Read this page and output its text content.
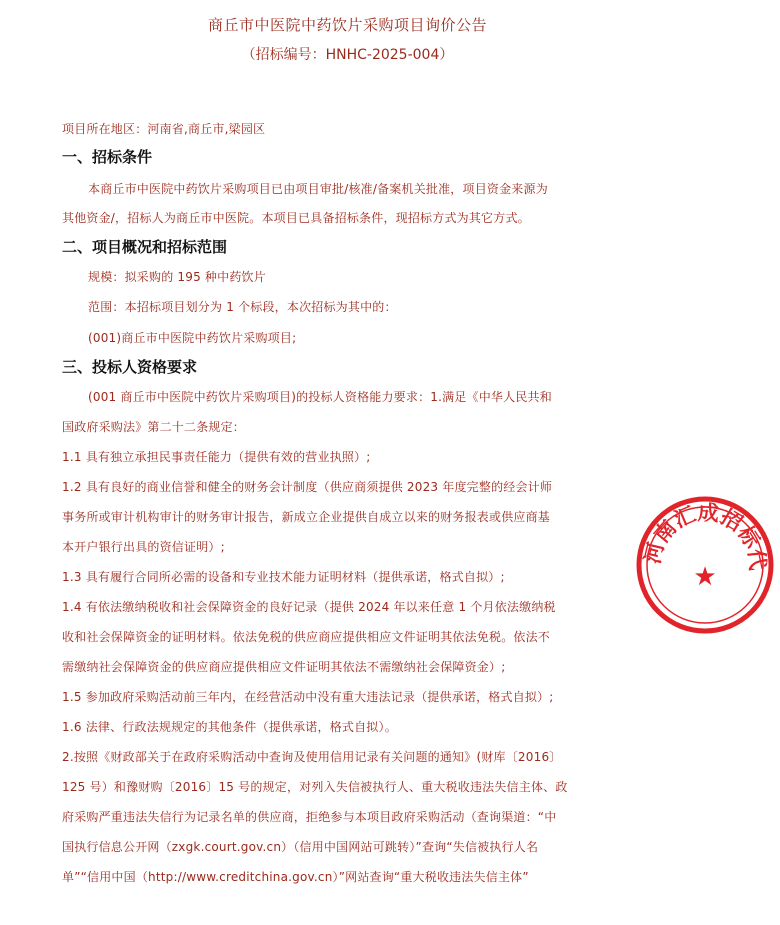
商丘市中医院中药饮片采购项目询价公告
（招标编号：HNHC-2025-004）
项目所在地区：河南省,商丘市,梁园区
一、招标条件
本商丘市中医院中药饮片采购项目已由项目审批/核准/备案机关批准，项目资金来源为
其他资金/，招标人为商丘市中医院。本项目已具备招标条件，现招标方式为其它方式。
二、项目概况和招标范围
规模：拟采购的 195 种中药饮片
范围：本招标项目划分为 1 个标段，本次招标为其中的：
(001)商丘市中医院中药饮片采购项目;
三、投标人资格要求
(001 商丘市中医院中药饮片采购项目)的投标人资格能力要求：1.满足《中华人民共和
国政府采购法》第二十二条规定：
1.1 具有独立承担民事责任能力（提供有效的营业执照）;
1.2 具有良好的商业信誉和健全的财务会计制度（供应商须提供 2023 年度完整的经会计师
事务所或审计机构审计的财务审计报告，新成立企业提供自成立以来的财务报表或供应商基
本开户银行出具的资信证明）;
1.3 具有履行合同所必需的设备和专业技术能力证明材料（提供承诺，格式自拟）;
1.4 有依法缴纳税收和社会保障资金的良好记录（提供 2024 年以来任意 1 个月依法缴纳税
收和社会保障资金的证明材料。依法免税的供应商应提供相应文件证明其依法免税。依法不
需缴纳社会保障资金的供应商应提供相应文件证明其依法不需缴纳社会保障资金）;
1.5 参加政府采购活动前三年内，在经营活动中没有重大违法记录（提供承诺，格式自拟）;
1.6 法律、行政法规规定的其他条件（提供承诺，格式自拟）。
2.按照《财政部关于在政府采购活动中查询及使用信用记录有关问题的通知》(财库〔2016〕
125 号）和豫财购〔2016〕15 号的规定，对列入失信被执行人、重大税收违法失信主体、政
府采购严重违法失信行为记录名单的供应商，拒绝参与本项目政府采购活动（查询渠道：“中
国执行信息公开网（zxgk.court.gov.cn）（信用中国网站可跳转）”查询“失信被执行人名
单”“信用中国（http://www.creditchina.gov.cn）”网站查询“重大税收违法失信主体”
河南汇成招标代理
★
